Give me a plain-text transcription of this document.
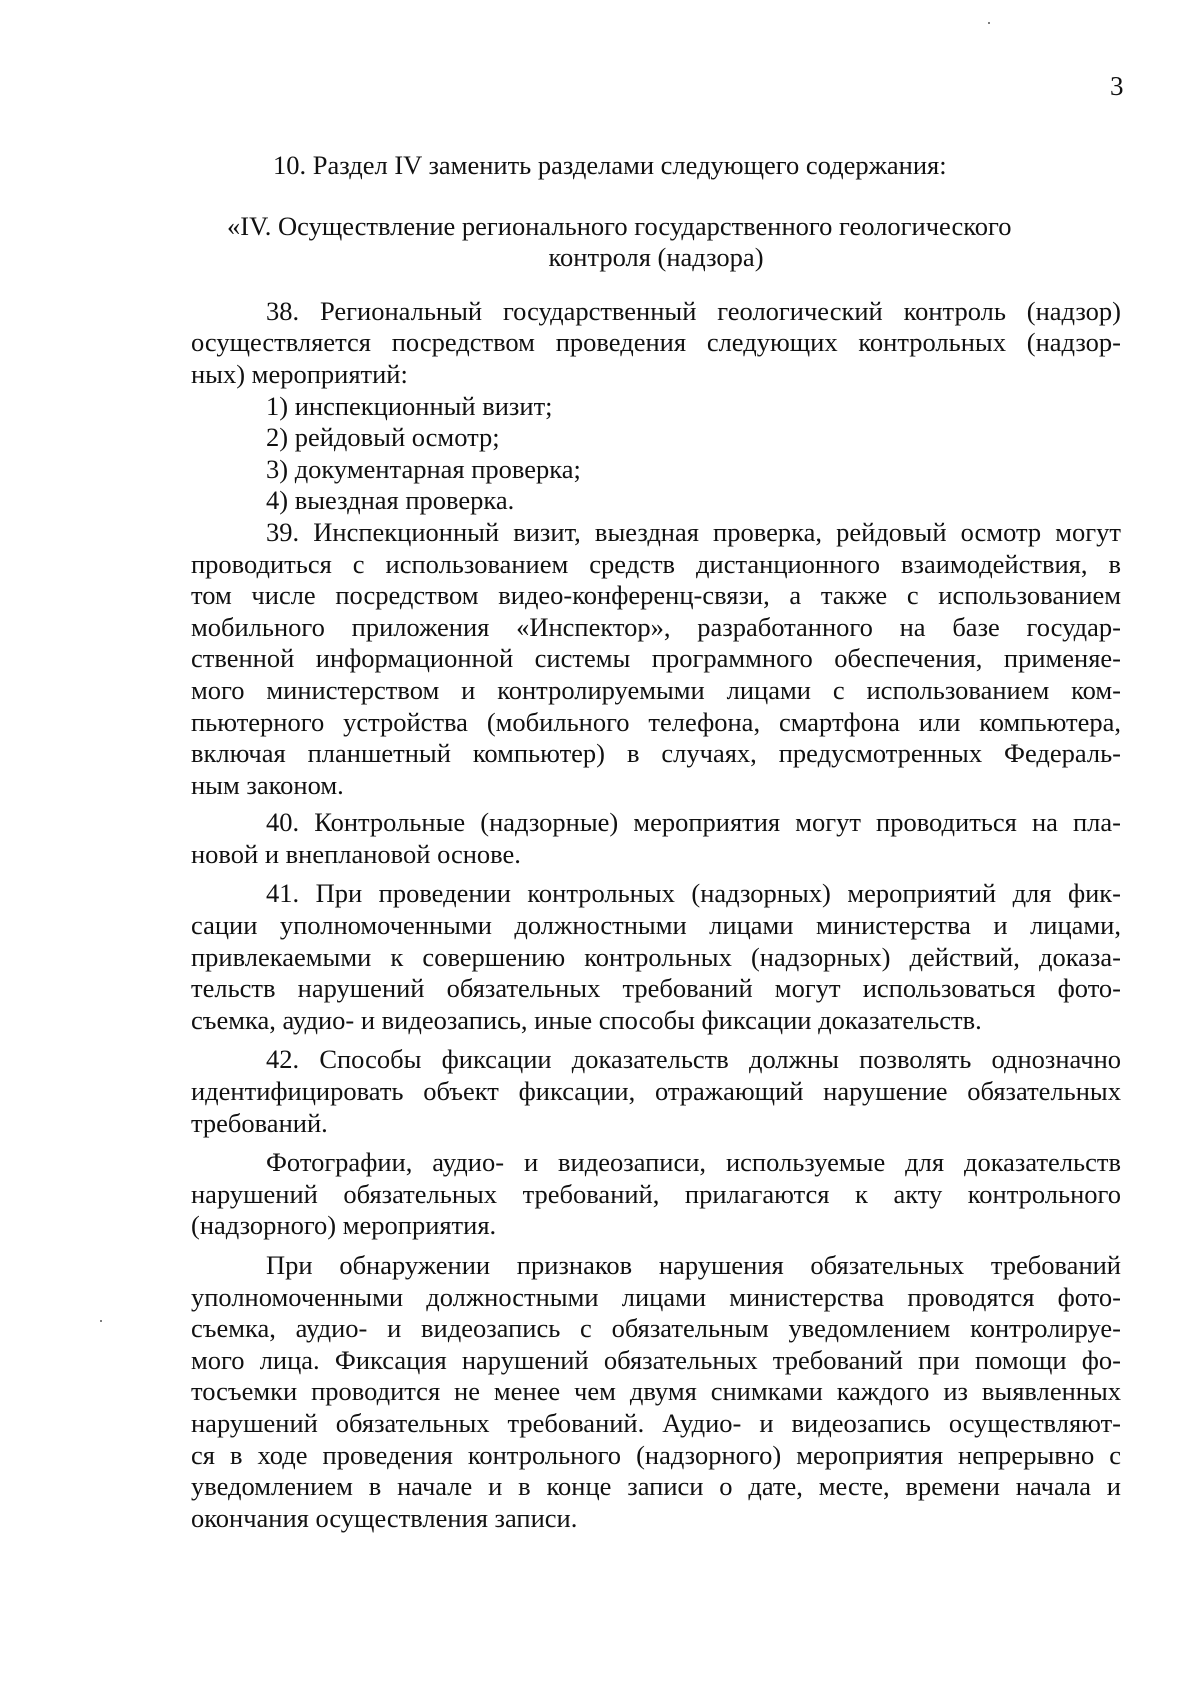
3
10. Раздел IV заменить разделами следующего содержания:
«IV. Осуществление регионального государственного геологического
контроля (надзора)
38. Региональный государственный геологический контроль (надзор)
осуществляется посредством проведения следующих контрольных (надзор-
ных) мероприятий:
1) инспекционный визит;
2) рейдовый осмотр;
3) документарная проверка;
4) выездная проверка.
39. Инспекционный визит, выездная проверка, рейдовый осмотр могут
проводиться с использованием средств дистанционного взаимодействия, в
том числе посредством видео-конференц-связи, а также с использованием
мобильного приложения «Инспектор», разработанного на базе государ-
ственной информационной системы программного обеспечения, применяе-
мого министерством и контролируемыми лицами с использованием ком-
пьютерного устройства (мобильного телефона, смартфона или компьютера,
включая планшетный компьютер) в случаях, предусмотренных Федераль-
ным законом.
40. Контрольные (надзорные) мероприятия могут проводиться на пла-
новой и внеплановой основе.
41. При проведении контрольных (надзорных) мероприятий для фик-
сации уполномоченными должностными лицами министерства и лицами,
привлекаемыми к совершению контрольных (надзорных) действий, доказа-
тельств нарушений обязательных требований могут использоваться фото-
съемка, аудио- и видеозапись, иные способы фиксации доказательств.
42. Способы фиксации доказательств должны позволять однозначно
идентифицировать объект фиксации, отражающий нарушение обязательных
требований.
Фотографии, аудио- и видеозаписи, используемые для доказательств
нарушений обязательных требований, прилагаются к акту контрольного
(надзорного) мероприятия.
При обнаружении признаков нарушения обязательных требований
уполномоченными должностными лицами министерства проводятся фото-
съемка, аудио- и видеозапись с обязательным уведомлением контролируе-
мого лица. Фиксация нарушений обязательных требований при помощи фо-
тосъемки проводится не менее чем двумя снимками каждого из выявленных
нарушений обязательных требований. Аудио- и видеозапись осуществляют-
ся в ходе проведения контрольного (надзорного) мероприятия непрерывно с
уведомлением в начале и в конце записи о дате, месте, времени начала и
окончания осуществления записи.
